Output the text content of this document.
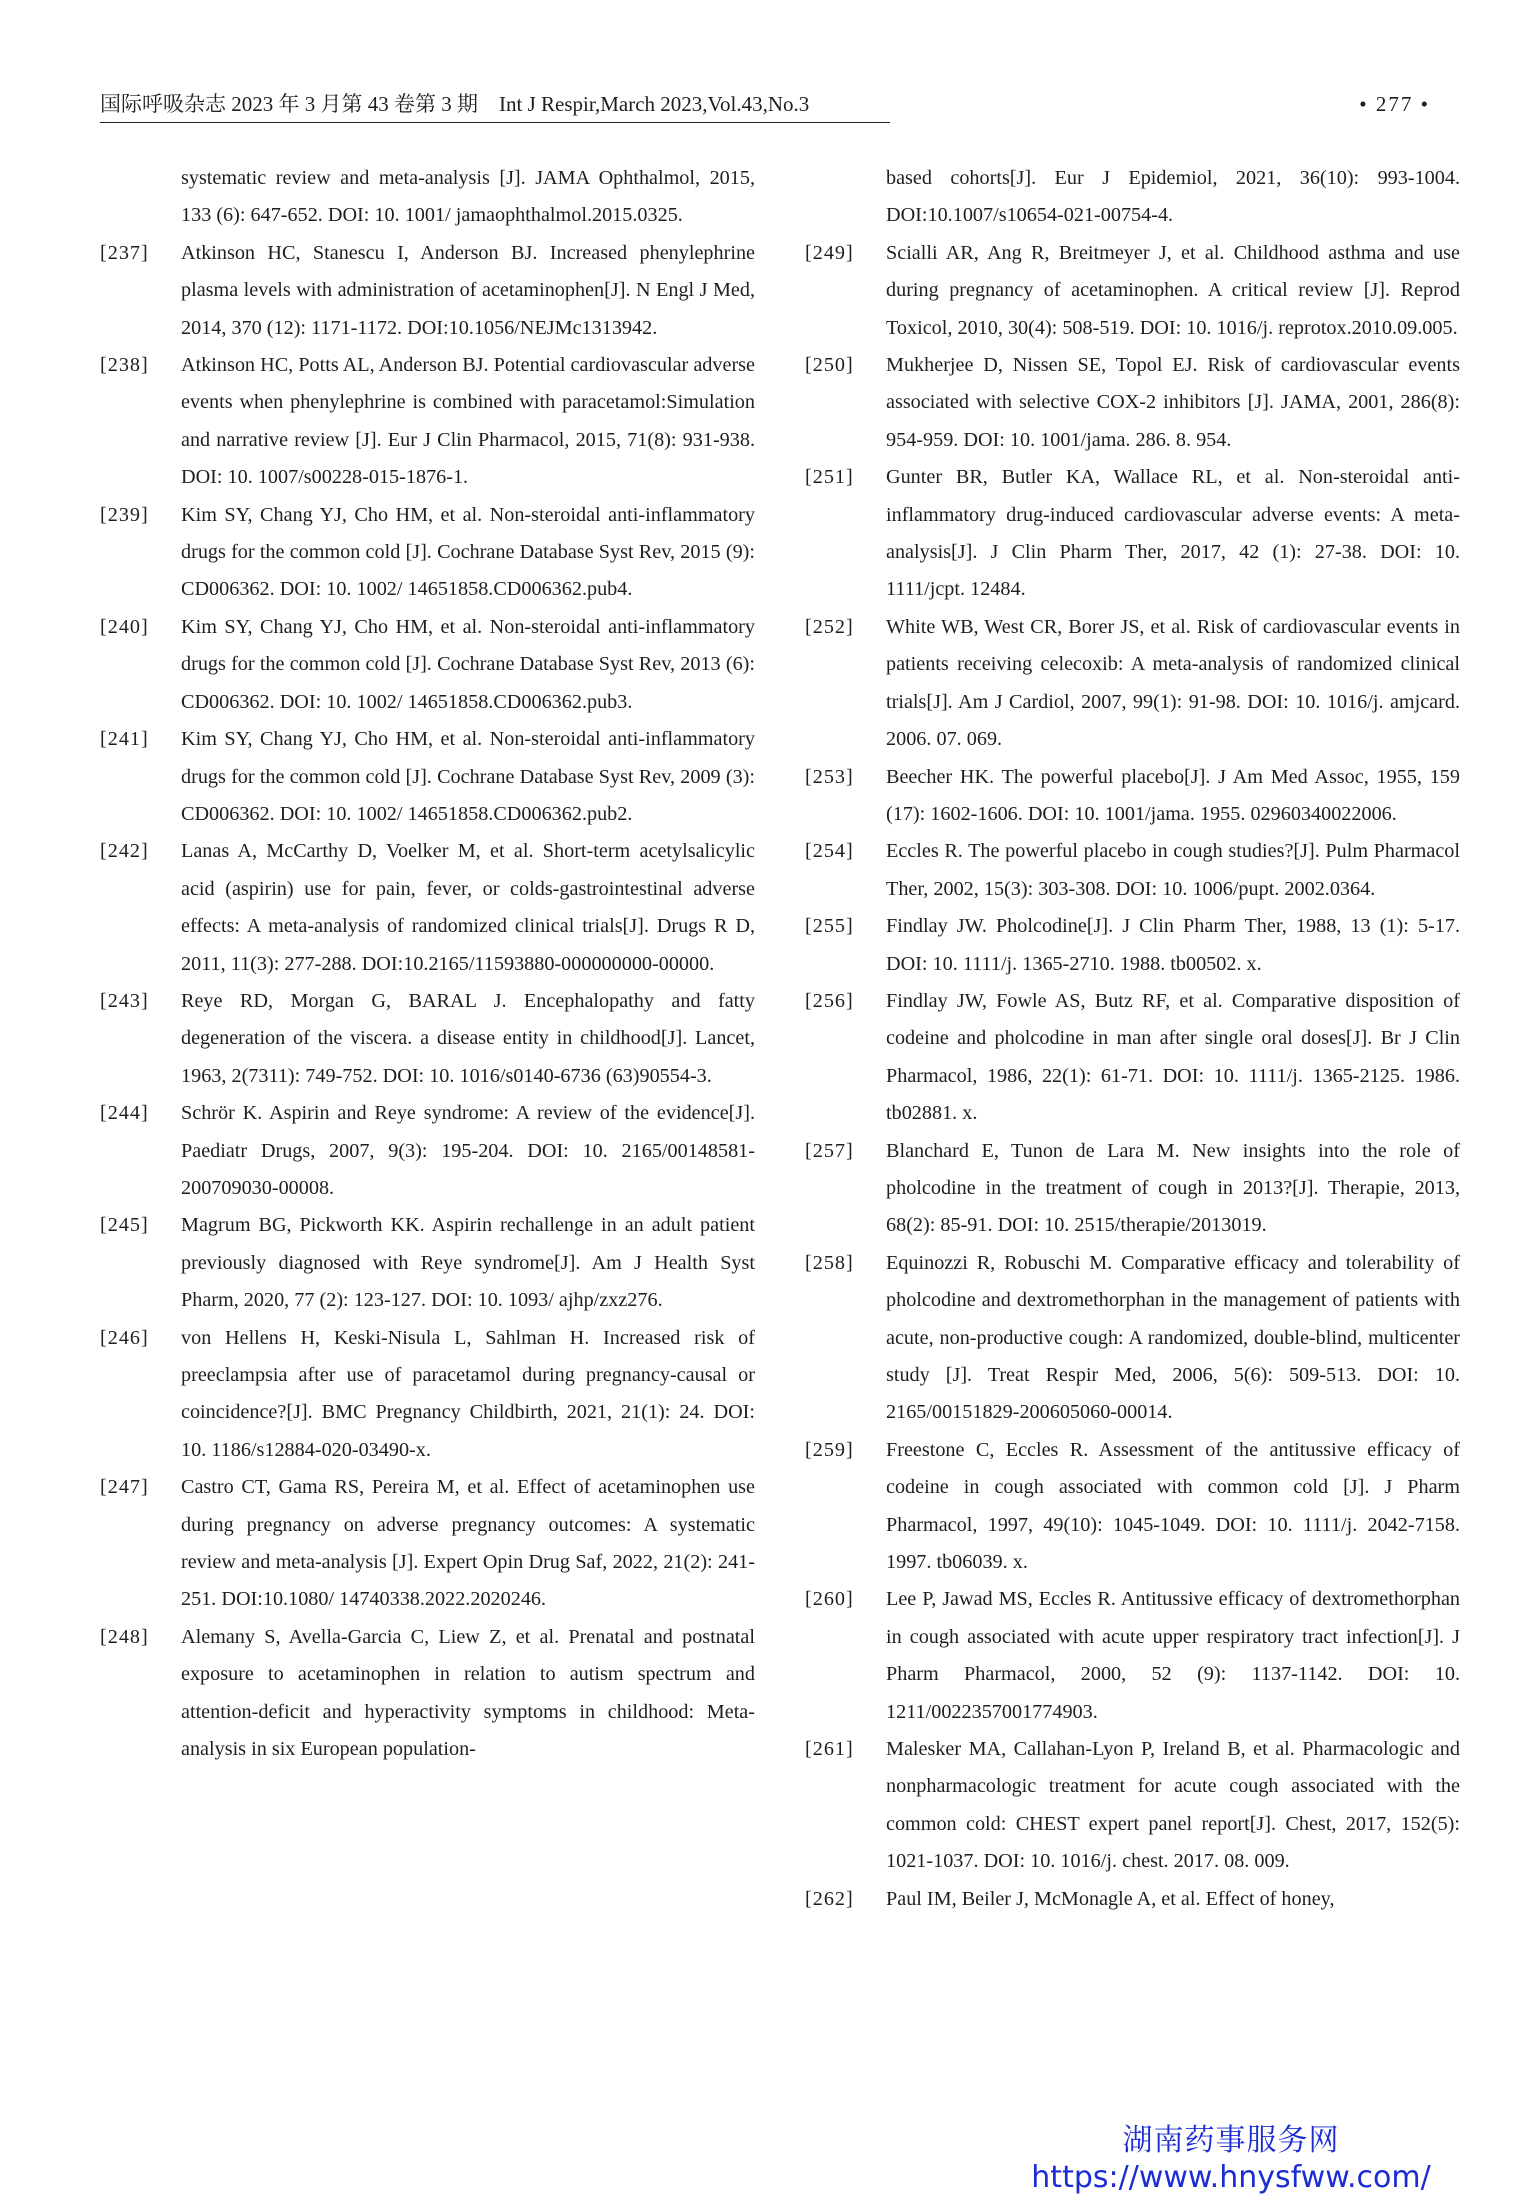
国际呼吸杂志 2023 年 3 月第 43 卷第 3 期　Int J Respir,March 2023,Vol.43,No.3	• 277 •
systematic review and meta-analysis [J]. JAMA Ophthalmol, 2015, 133 (6): 647-652. DOI: 10. 1001/ jamaophthalmol.2015.0325.
[237] Atkinson HC, Stanescu I, Anderson BJ. Increased phenylephrine plasma levels with administration of acetaminophen[J]. N Engl J Med, 2014, 370 (12): 1171-1172. DOI:10.1056/NEJMc1313942.
[238] Atkinson HC, Potts AL, Anderson BJ. Potential cardiovascular adverse events when phenylephrine is combined with paracetamol:Simulation and narrative review [J]. Eur J Clin Pharmacol, 2015, 71(8): 931-938. DOI: 10. 1007/s00228-015-1876-1.
[239] Kim SY, Chang YJ, Cho HM, et al. Non-steroidal anti-inflammatory drugs for the common cold [J]. Cochrane Database Syst Rev, 2015 (9): CD006362. DOI: 10. 1002/ 14651858.CD006362.pub4.
[240] Kim SY, Chang YJ, Cho HM, et al. Non-steroidal anti-inflammatory drugs for the common cold [J]. Cochrane Database Syst Rev, 2013 (6): CD006362. DOI: 10. 1002/ 14651858.CD006362.pub3.
[241] Kim SY, Chang YJ, Cho HM, et al. Non-steroidal anti-inflammatory drugs for the common cold [J]. Cochrane Database Syst Rev, 2009 (3): CD006362. DOI: 10. 1002/ 14651858.CD006362.pub2.
[242] Lanas A, McCarthy D, Voelker M, et al. Short-term acetylsalicylic acid (aspirin) use for pain, fever, or colds-gastrointestinal adverse effects: A meta-analysis of randomized clinical trials[J]. Drugs R D, 2011, 11(3): 277-288. DOI:10.2165/11593880-000000000-00000.
[243] Reye RD, Morgan G, BARAL J. Encephalopathy and fatty degeneration of the viscera. a disease entity in childhood[J]. Lancet, 1963, 2(7311): 749-752. DOI: 10. 1016/s0140-6736 (63)90554-3.
[244] Schrör K. Aspirin and Reye syndrome: A review of the evidence[J]. Paediatr Drugs, 2007, 9(3): 195-204. DOI: 10. 2165/00148581-200709030-00008.
[245] Magrum BG, Pickworth KK. Aspirin rechallenge in an adult patient previously diagnosed with Reye syndrome[J]. Am J Health Syst Pharm, 2020, 77 (2): 123-127. DOI: 10. 1093/ ajhp/zxz276.
[246] von Hellens H, Keski-Nisula L, Sahlman H. Increased risk of preeclampsia after use of paracetamol during pregnancy-causal or coincidence?[J]. BMC Pregnancy Childbirth, 2021, 21(1): 24. DOI: 10. 1186/s12884-020-03490-x.
[247] Castro CT, Gama RS, Pereira M, et al. Effect of acetaminophen use during pregnancy on adverse pregnancy outcomes: A systematic review and meta-analysis [J]. Expert Opin Drug Saf, 2022, 21(2): 241-251. DOI:10.1080/ 14740338.2022.2020246.
[248] Alemany S, Avella-Garcia C, Liew Z, et al. Prenatal and postnatal exposure to acetaminophen in relation to autism spectrum and attention-deficit and hyperactivity symptoms in childhood: Meta-analysis in six European population-
based cohorts[J]. Eur J Epidemiol, 2021, 36(10): 993-1004. DOI:10.1007/s10654-021-00754-4.
[249] Scialli AR, Ang R, Breitmeyer J, et al. Childhood asthma and use during pregnancy of acetaminophen. A critical review [J]. Reprod Toxicol, 2010, 30(4): 508-519. DOI: 10. 1016/j. reprotox.2010.09.005.
[250] Mukherjee D, Nissen SE, Topol EJ. Risk of cardiovascular events associated with selective COX-2 inhibitors [J]. JAMA, 2001, 286(8): 954-959. DOI: 10. 1001/jama. 286. 8. 954.
[251] Gunter BR, Butler KA, Wallace RL, et al. Non-steroidal anti-inflammatory drug-induced cardiovascular adverse events: A meta-analysis[J]. J Clin Pharm Ther, 2017, 42 (1): 27-38. DOI: 10. 1111/jcpt. 12484.
[252] White WB, West CR, Borer JS, et al. Risk of cardiovascular events in patients receiving celecoxib: A meta-analysis of randomized clinical trials[J]. Am J Cardiol, 2007, 99(1): 91-98. DOI: 10. 1016/j. amjcard. 2006. 07. 069.
[253] Beecher HK. The powerful placebo[J]. J Am Med Assoc, 1955, 159 (17): 1602-1606. DOI: 10. 1001/jama. 1955. 02960340022006.
[254] Eccles R. The powerful placebo in cough studies?[J]. Pulm Pharmacol Ther, 2002, 15(3): 303-308. DOI: 10. 1006/pupt. 2002.0364.
[255] Findlay JW. Pholcodine[J]. J Clin Pharm Ther, 1988, 13 (1): 5-17. DOI: 10. 1111/j. 1365-2710. 1988. tb00502. x.
[256] Findlay JW, Fowle AS, Butz RF, et al. Comparative disposition of codeine and pholcodine in man after single oral doses[J]. Br J Clin Pharmacol, 1986, 22(1): 61-71. DOI: 10. 1111/j. 1365-2125. 1986. tb02881. x.
[257] Blanchard E, Tunon de Lara M. New insights into the role of pholcodine in the treatment of cough in 2013?[J]. Therapie, 2013, 68(2): 85-91. DOI: 10. 2515/therapie/2013019.
[258] Equinozzi R, Robuschi M. Comparative efficacy and tolerability of pholcodine and dextromethorphan in the management of patients with acute, non-productive cough: A randomized, double-blind, multicenter study [J]. Treat Respir Med, 2006, 5(6): 509-513. DOI: 10. 2165/00151829-200605060-00014.
[259] Freestone C, Eccles R. Assessment of the antitussive efficacy of codeine in cough associated with common cold [J]. J Pharm Pharmacol, 1997, 49(10): 1045-1049. DOI: 10. 1111/j. 2042-7158. 1997. tb06039. x.
[260] Lee P, Jawad MS, Eccles R. Antitussive efficacy of dextromethorphan in cough associated with acute upper respiratory tract infection[J]. J Pharm Pharmacol, 2000, 52 (9): 1137-1142. DOI: 10. 1211/0022357001774903.
[261] Malesker MA, Callahan-Lyon P, Ireland B, et al. Pharmacologic and nonpharmacologic treatment for acute cough associated with the common cold: CHEST expert panel report[J]. Chest, 2017, 152(5): 1021-1037. DOI: 10. 1016/j. chest. 2017. 08. 009.
[262] Paul IM, Beiler J, McMonagle A, et al. Effect of honey,
湖南药事服务网
https://www.hnysfww.com/
